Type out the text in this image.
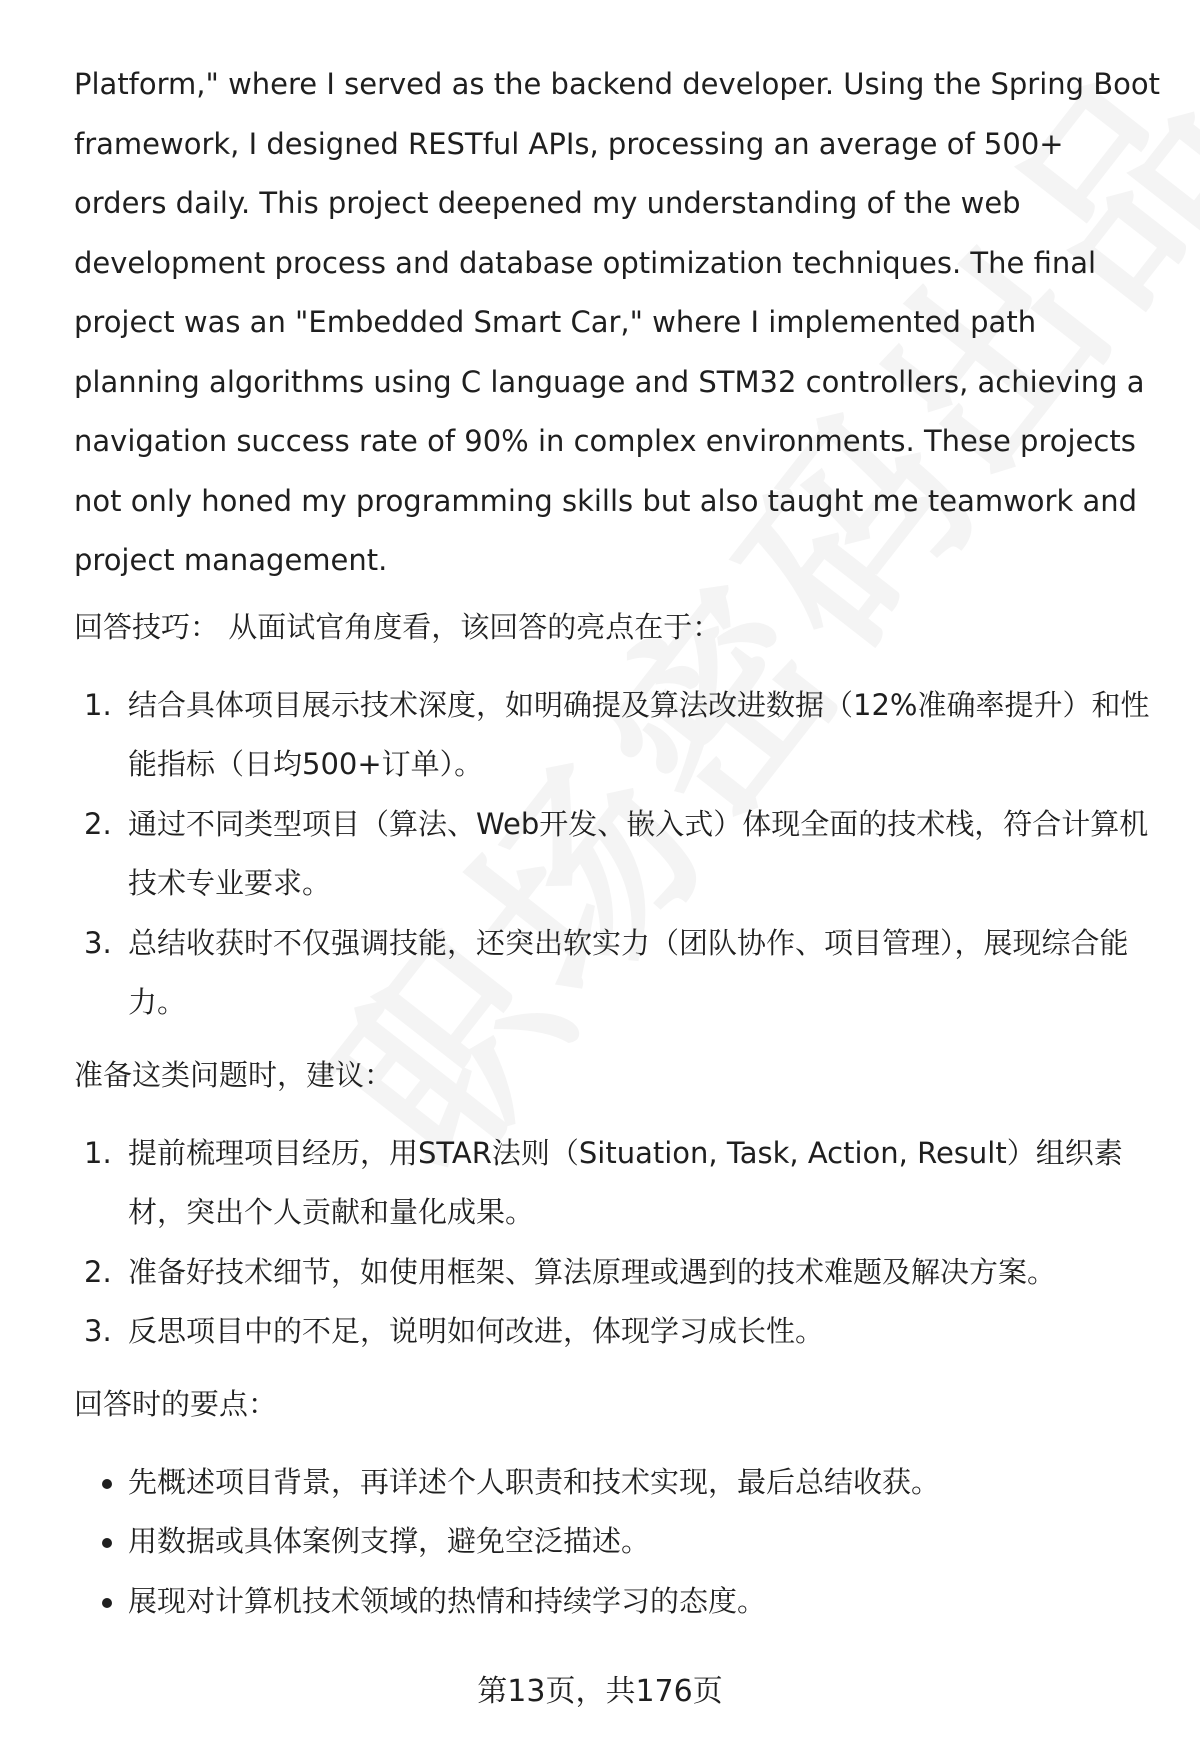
Platform," where I served as the backend developer. Using the Spring Boot framework, I designed RESTful APIs, processing an average of 500+ orders daily. This project deepened my understanding of the web development process and database optimization techniques. The final project was an "Embedded Smart Car," where I implemented path planning algorithms using C language and STM32 controllers, achieving a navigation success rate of 90% in complex environments. These projects not only honed my programming skills but also taught me teamwork and project management.

回答技巧： 从面试官角度看，该回答的亮点在于：

1. 结合具体项目展示技术深度，如明确提及算法改进数据（12%准确率提升）和性能指标（日均500+订单）。
2. 通过不同类型项目（算法、Web开发、嵌入式）体现全面的技术栈，符合计算机技术专业要求。
3. 总结收获时不仅强调技能，还突出软实力（团队协作、项目管理），展现综合能力。

准备这类问题时，建议：

1. 提前梳理项目经历，用STAR法则（Situation, Task, Action, Result）组织素材，突出个人贡献和量化成果。
2. 准备好技术细节，如使用框架、算法原理或遇到的技术难题及解决方案。
3. 反思项目中的不足，说明如何改进，体现学习成长性。

回答时的要点：

先概述项目背景，再详述个人职责和技术实现，最后总结收获。
用数据或具体案例支撑，避免空泛描述。
展现对计算机技术领域的热情和持续学习的态度。
第13页，共176页
